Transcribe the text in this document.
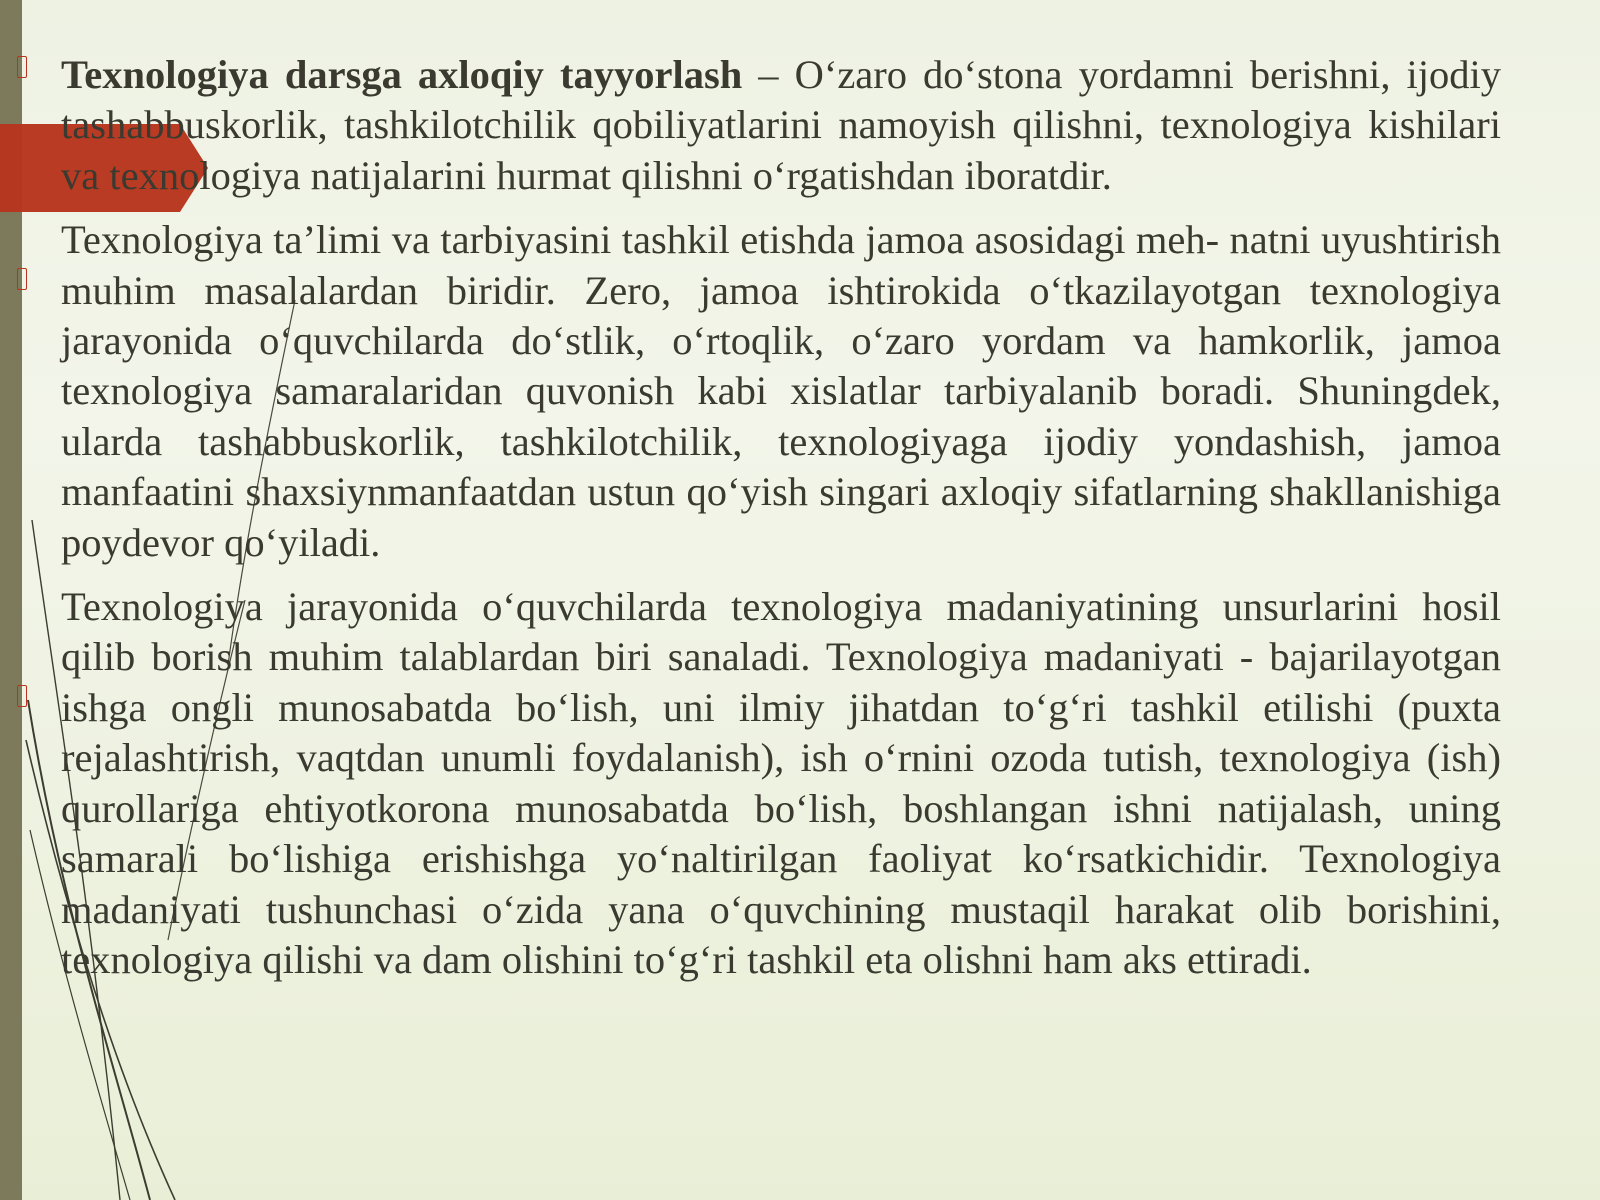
Texnologiya darsga axloqiy tayyorlash – O‘zaro do‘stona yordamni berishni, ijodiy tashabbuskorlik, tashkilotchilik qobiliyatlarini namoyish qilishni, texnologiya kishilari va texnologiya natijalarini hurmat qilishni o‘rgatishdan iboratdir.

Texnologiya ta’limi va tarbiyasini tashkil etishda jamoa asosidagi meh- natni uyushtirish muhim masalalardan biridir. Zero, jamoa ishtirokida o‘tkazilayotgan texnologiya jarayonida o‘quvchilarda do‘stlik, o‘rtoqlik, o‘zaro yordam va hamkorlik, jamoa texnologiya samaralaridan quvonish kabi xislatlar tarbiyalanib boradi. Shuningdek, ularda tashabbuskorlik, tashkilotchilik, texnologiyaga ijodiy yondashish, jamoa manfaatini shaxsiynmanfaatdan ustun qo‘yish singari axloqiy sifatlarning shakllanishiga poydevor qo‘yiladi.

Texnologiya jarayonida o‘quvchilarda texnologiya madaniyatining unsurlarini hosil qilib borish muhim talablardan biri sanaladi. Texnologiya madaniyati - bajarilayotgan ishga ongli munosabatda bo‘lish, uni ilmiy jihatdan to‘g‘ri tashkil etilishi (puxta rejalashtirish, vaqtdan unumli foydalanish), ish o‘rnini ozoda tutish, texnologiya (ish) qurollariga ehtiyotkorona munosabatda bo‘lish, boshlangan ishni natijalash, uning samarali bo‘lishiga erishishga yo‘naltirilgan faoliyat ko‘rsatkichidir. Texnologiya madaniyati tushunchasi o‘zida yana o‘quvchining mustaqil harakat olib borishini, texnologiya qilishi va dam olishini to‘g‘ri tashkil eta olishni ham aks ettiradi.
